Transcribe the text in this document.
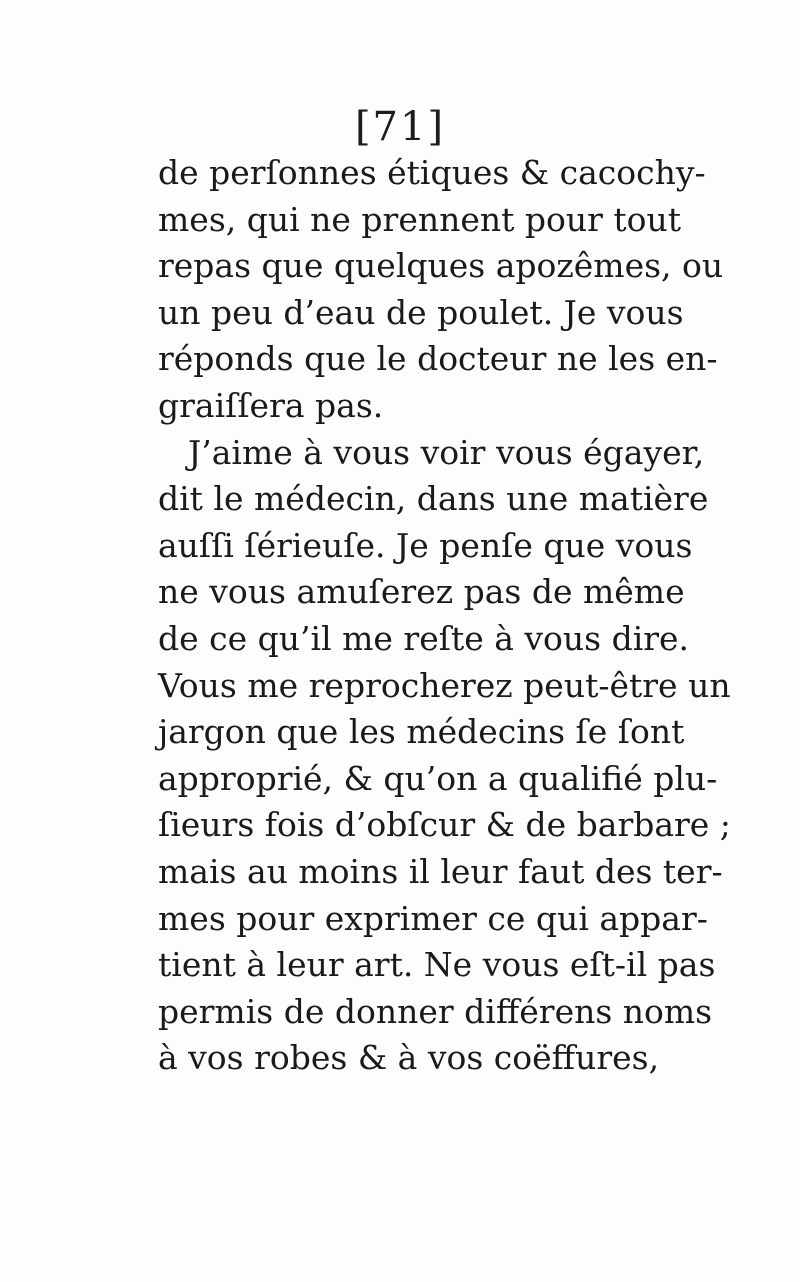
[71]
de perſonnes étiques & cacochy-
mes, qui ne prennent pour tout
repas que quelques apozêmes, ou
un peu d’eau de poulet. Je vous
réponds que le docteur ne les en-
graiſſera pas.
J’aime à vous voir vous égayer,
dit le médecin, dans une matière
auſſi ſérieuſe. Je penſe que vous
ne vous amuſerez pas de même
de ce qu’il me reſte à vous dire.
Vous me reprocherez peut-être un
jargon que les médecins ſe ſont
approprié, & qu’on a qualifié plu-
ſieurs fois d’obſcur & de barbare ;
mais au moins il leur faut des ter-
mes pour exprimer ce qui appar-
tient à leur art. Ne vous eſt-il pas
permis de donner différens noms
à vos robes & à vos coëffures,
